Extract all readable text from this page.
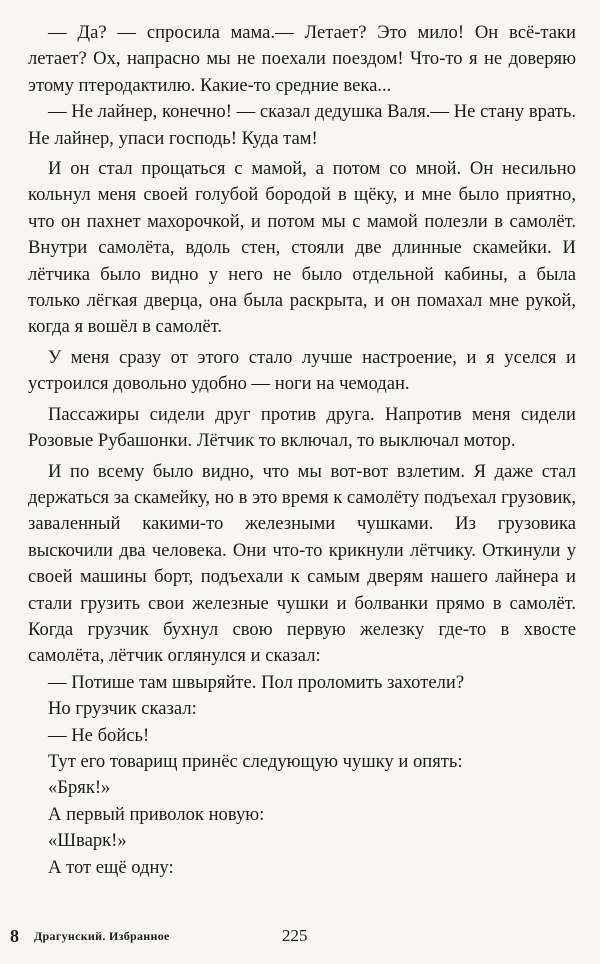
— Да? — спросила мама.— Летает? Это мило! Он всё-таки летает? Ох, напрасно мы не поехали поездом! Что-то я не доверяю этому птеродактилю. Какие-то средние века...

— Не лайнер, конечно! — сказал дедушка Валя.— Не стану врать. Не лайнер, упаси господь! Куда там!

И он стал прощаться с мамой, а потом со мной. Он несильно кольнул меня своей голубой бородой в щёку, и мне было приятно, что он пахнет махорочкой, и потом мы с мамой полезли в самолёт. Внутри самолёта, вдоль стен, стояли две длинные скамейки. И лётчика было видно у него не было отдельной кабины, а была только лёгкая дверца, она была раскрыта, и он помахал мне рукой, когда я вошёл в самолёт.

У меня сразу от этого стало лучше настроение, и я уселся и устроился довольно удобно — ноги на чемодан.

Пассажиры сидели друг против друга. Напротив меня сидели Розовые Рубашонки. Лётчик то включал, то выключал мотор.

И по всему было видно, что мы вот-вот взлетим. Я даже стал держаться за скамейку, но в это время к самолёту подъехал грузовик, заваленный какими-то железными чушками. Из грузовика выскочили два человека. Они что-то крикнули лётчику. Откинули у своей машины борт, подъехали к самым дверям нашего лайнера и стали грузить свои железные чушки и болванки прямо в самолёт. Когда грузчик бухнул свою первую железку где-то в хвосте самолёта, лётчик оглянулся и сказал:

— Потише там швыряйте. Пол проломить захотели?

Но грузчик сказал:

— Не бойсь!

Тут его товарищ принёс следующую чушку и опять:

«Бряк!»

А первый приволок новую:

«Шварк!»

А тот ещё одну:

8 Драгунский. Избранное	225
